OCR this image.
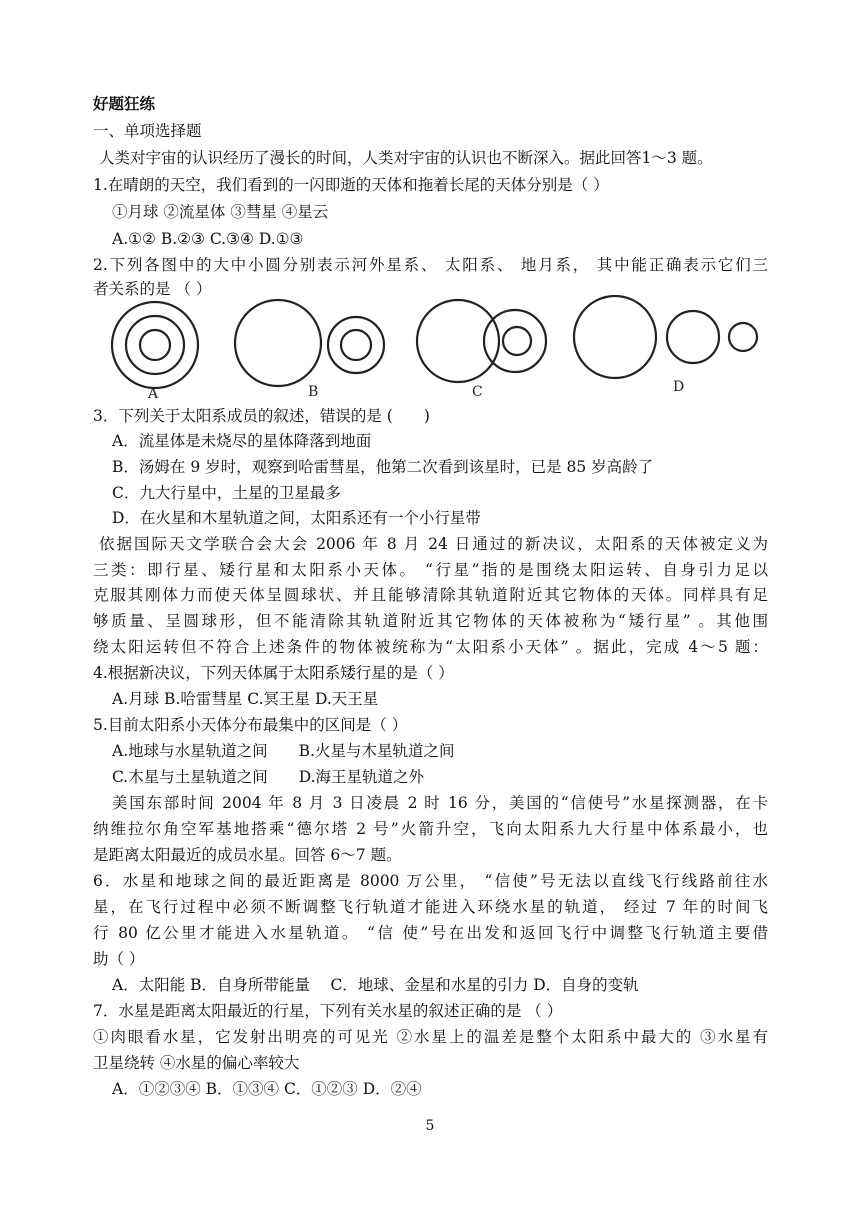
好题狂练
一、单项选择题
人类对宇宙的认识经历了漫长的时间，人类对宇宙的认识也不断深入。据此回答1～3 题。
1.在晴朗的天空，我们看到的一闪即逝的天体和拖着长尾的天体分别是（ ）
①月球 ②流星体 ③彗星 ④星云
A.①② B.②③ C.③④ D.①③
2.下列各图中的大中小圆分别表示河外星系、 太阳系、 地月系， 其中能正确表示它们三
者关系的是 （ ）
A	B	C	D
3．下列关于太阳系成员的叙述，错误的是 (　　)
A．流星体是未烧尽的星体降落到地面
B．汤姆在 9 岁时，观察到哈雷彗星，他第二次看到该星时，已是 85 岁高龄了
C．九大行星中，土星的卫星最多
D．在火星和木星轨道之间，太阳系还有一个小行星带
依据国际天文学联合会大会 2006 年 8 月 24 日通过的新决议，太阳系的天体被定义为
三类：即行星、矮行星和太阳系小天体。 “行星”指的是围绕太阳运转、自身引力足以
克服其刚体力而使天体呈圆球状、并且能够清除其轨道附近其它物体的天体。同样具有足
够质量、呈圆球形，但不能清除其轨道附近其它物体的天体被称为“矮行星” 。其他围
绕太阳运转但不符合上述条件的物体被统称为“太阳系小天体” 。据此，完成 4～5 题：
4.根据新决议，下列天体属于太阳系矮行星的是（ ）
A.月球 B.哈雷彗星 C.冥王星 D.天王星
5.目前太阳系小天体分布最集中的区间是（ ）
A.地球与水星轨道之间　　B.火星与木星轨道之间
C.木星与土星轨道之间　　D.海王星轨道之外
美国东部时间 2004 年 8 月 3 日凌晨 2 时 16 分，美国的“信使号”水星探测器，在卡
纳维拉尔角空军基地搭乘“德尔塔 2 号”火箭升空，飞向太阳系九大行星中体系最小，也
是距离太阳最近的成员水星。回答 6～7 题。
6．水星和地球之间的最近距离是 8000 万公里， “信使”号无法以直线飞行线路前往水
星，在飞行过程中必须不断调整飞行轨道才能进入环绕水星的轨道， 经过 7 年的时间飞
行 80 亿公里才能进入水星轨道。 “信 使”号在出发和返回飞行中调整飞行轨道主要借
助（ ）
A．太阳能 B．自身所带能量　 C．地球、金星和水星的引力 D．自身的变轨
7．水星是距离太阳最近的行星，下列有关水星的叙述正确的是 （ ）
①肉眼看水星，它发射出明亮的可见光 ②水星上的温差是整个太阳系中最大的 ③水星有
卫星绕转 ④水星的偏心率较大
A．①②③④ B．①③④ C．①②③ D．②④
5
